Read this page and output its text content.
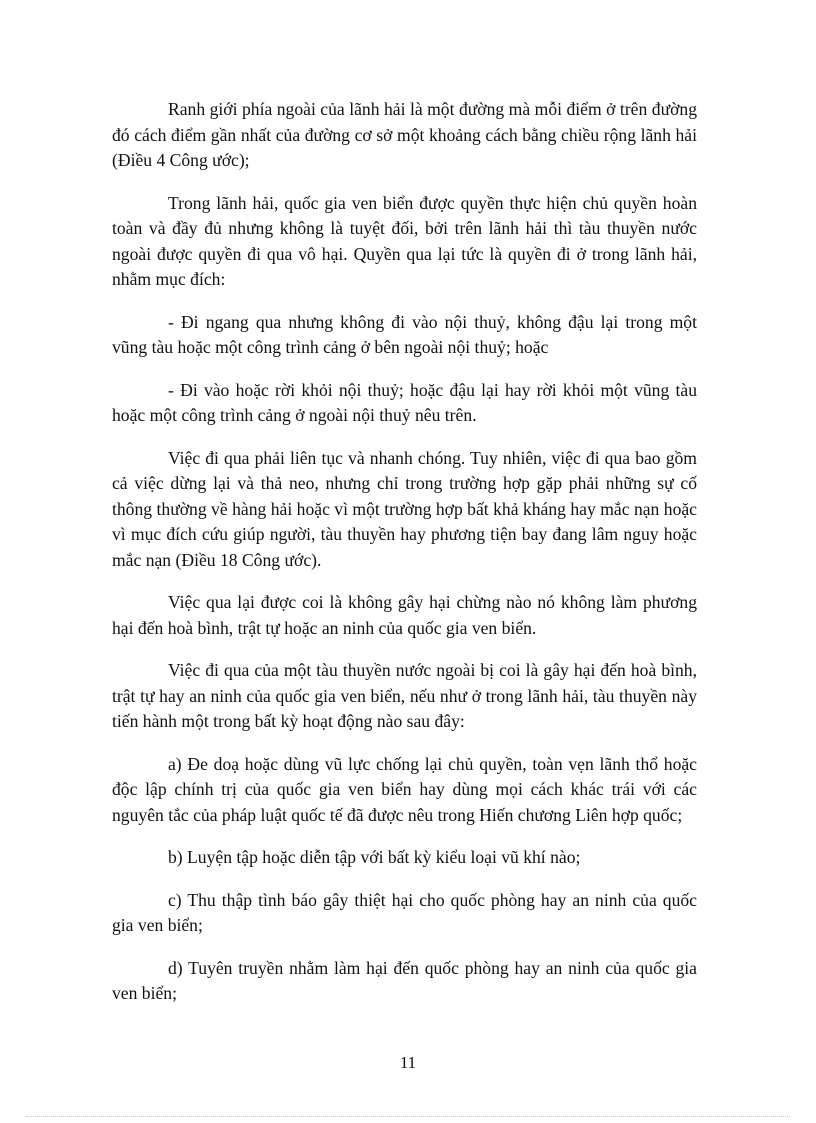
Ranh giới phía ngoài của lãnh hải là một đường mà mỗi điểm ở trên đường đó cách điểm gần nhất của đường cơ sở một khoảng cách bằng chiều rộng lãnh hải (Điều 4 Công ước);

Trong lãnh hải, quốc gia ven biển được quyền thực hiện chủ quyền hoàn toàn và đầy đủ nhưng không là tuyệt đối, bởi trên lãnh hải thì tàu thuyền nước ngoài được quyền đi qua vô hại. Quyền qua lại tức là quyền đi ở trong lãnh hải, nhằm mục đích:

- Đi ngang qua nhưng không đi vào nội thuỷ, không đậu lại trong một vũng tàu hoặc một công trình cảng ở bên ngoài nội thuỷ; hoặc

- Đi vào hoặc rời khỏi nội thuỷ; hoặc đậu lại hay rời khỏi một vũng tàu hoặc một công trình cảng ở ngoài nội thuỷ nêu trên.

Việc đi qua phải liên tục và nhanh chóng. Tuy nhiên, việc đi qua bao gồm cả việc dừng lại và thả neo, nhưng chỉ trong trường hợp gặp phải những sự cố thông thường về hàng hải hoặc vì một trường hợp bất khả kháng hay mắc nạn hoặc vì mục đích cứu giúp người, tàu thuyền hay phương tiện bay đang lâm nguy hoặc mắc nạn (Điều 18 Công ước).

Việc qua lại được coi là không gây hại chừng nào nó không làm phương hại đến hoà bình, trật tự hoặc an ninh của quốc gia ven biển.

Việc đi qua của một tàu thuyền nước ngoài bị coi là gây hại đến hoà bình, trật tự hay an ninh của quốc gia ven biển, nếu như ở trong lãnh hải, tàu thuyền này tiến hành một trong bất kỳ hoạt động nào sau đây:

a) Đe doạ hoặc dùng vũ lực chống lại chủ quyền, toàn vẹn lãnh thổ hoặc độc lập chính trị của quốc gia ven biển hay dùng mọi cách khác trái với các nguyên tắc của pháp luật quốc tế đã được nêu trong Hiến chương Liên hợp quốc;

b) Luyện tập hoặc diễn tập với bất kỳ kiểu loại vũ khí nào;

c) Thu thập tình báo gây thiệt hại cho quốc phòng hay an ninh của quốc gia ven biển;

d) Tuyên truyền nhằm làm hại đến quốc phòng hay an ninh của quốc gia ven biển;

11
